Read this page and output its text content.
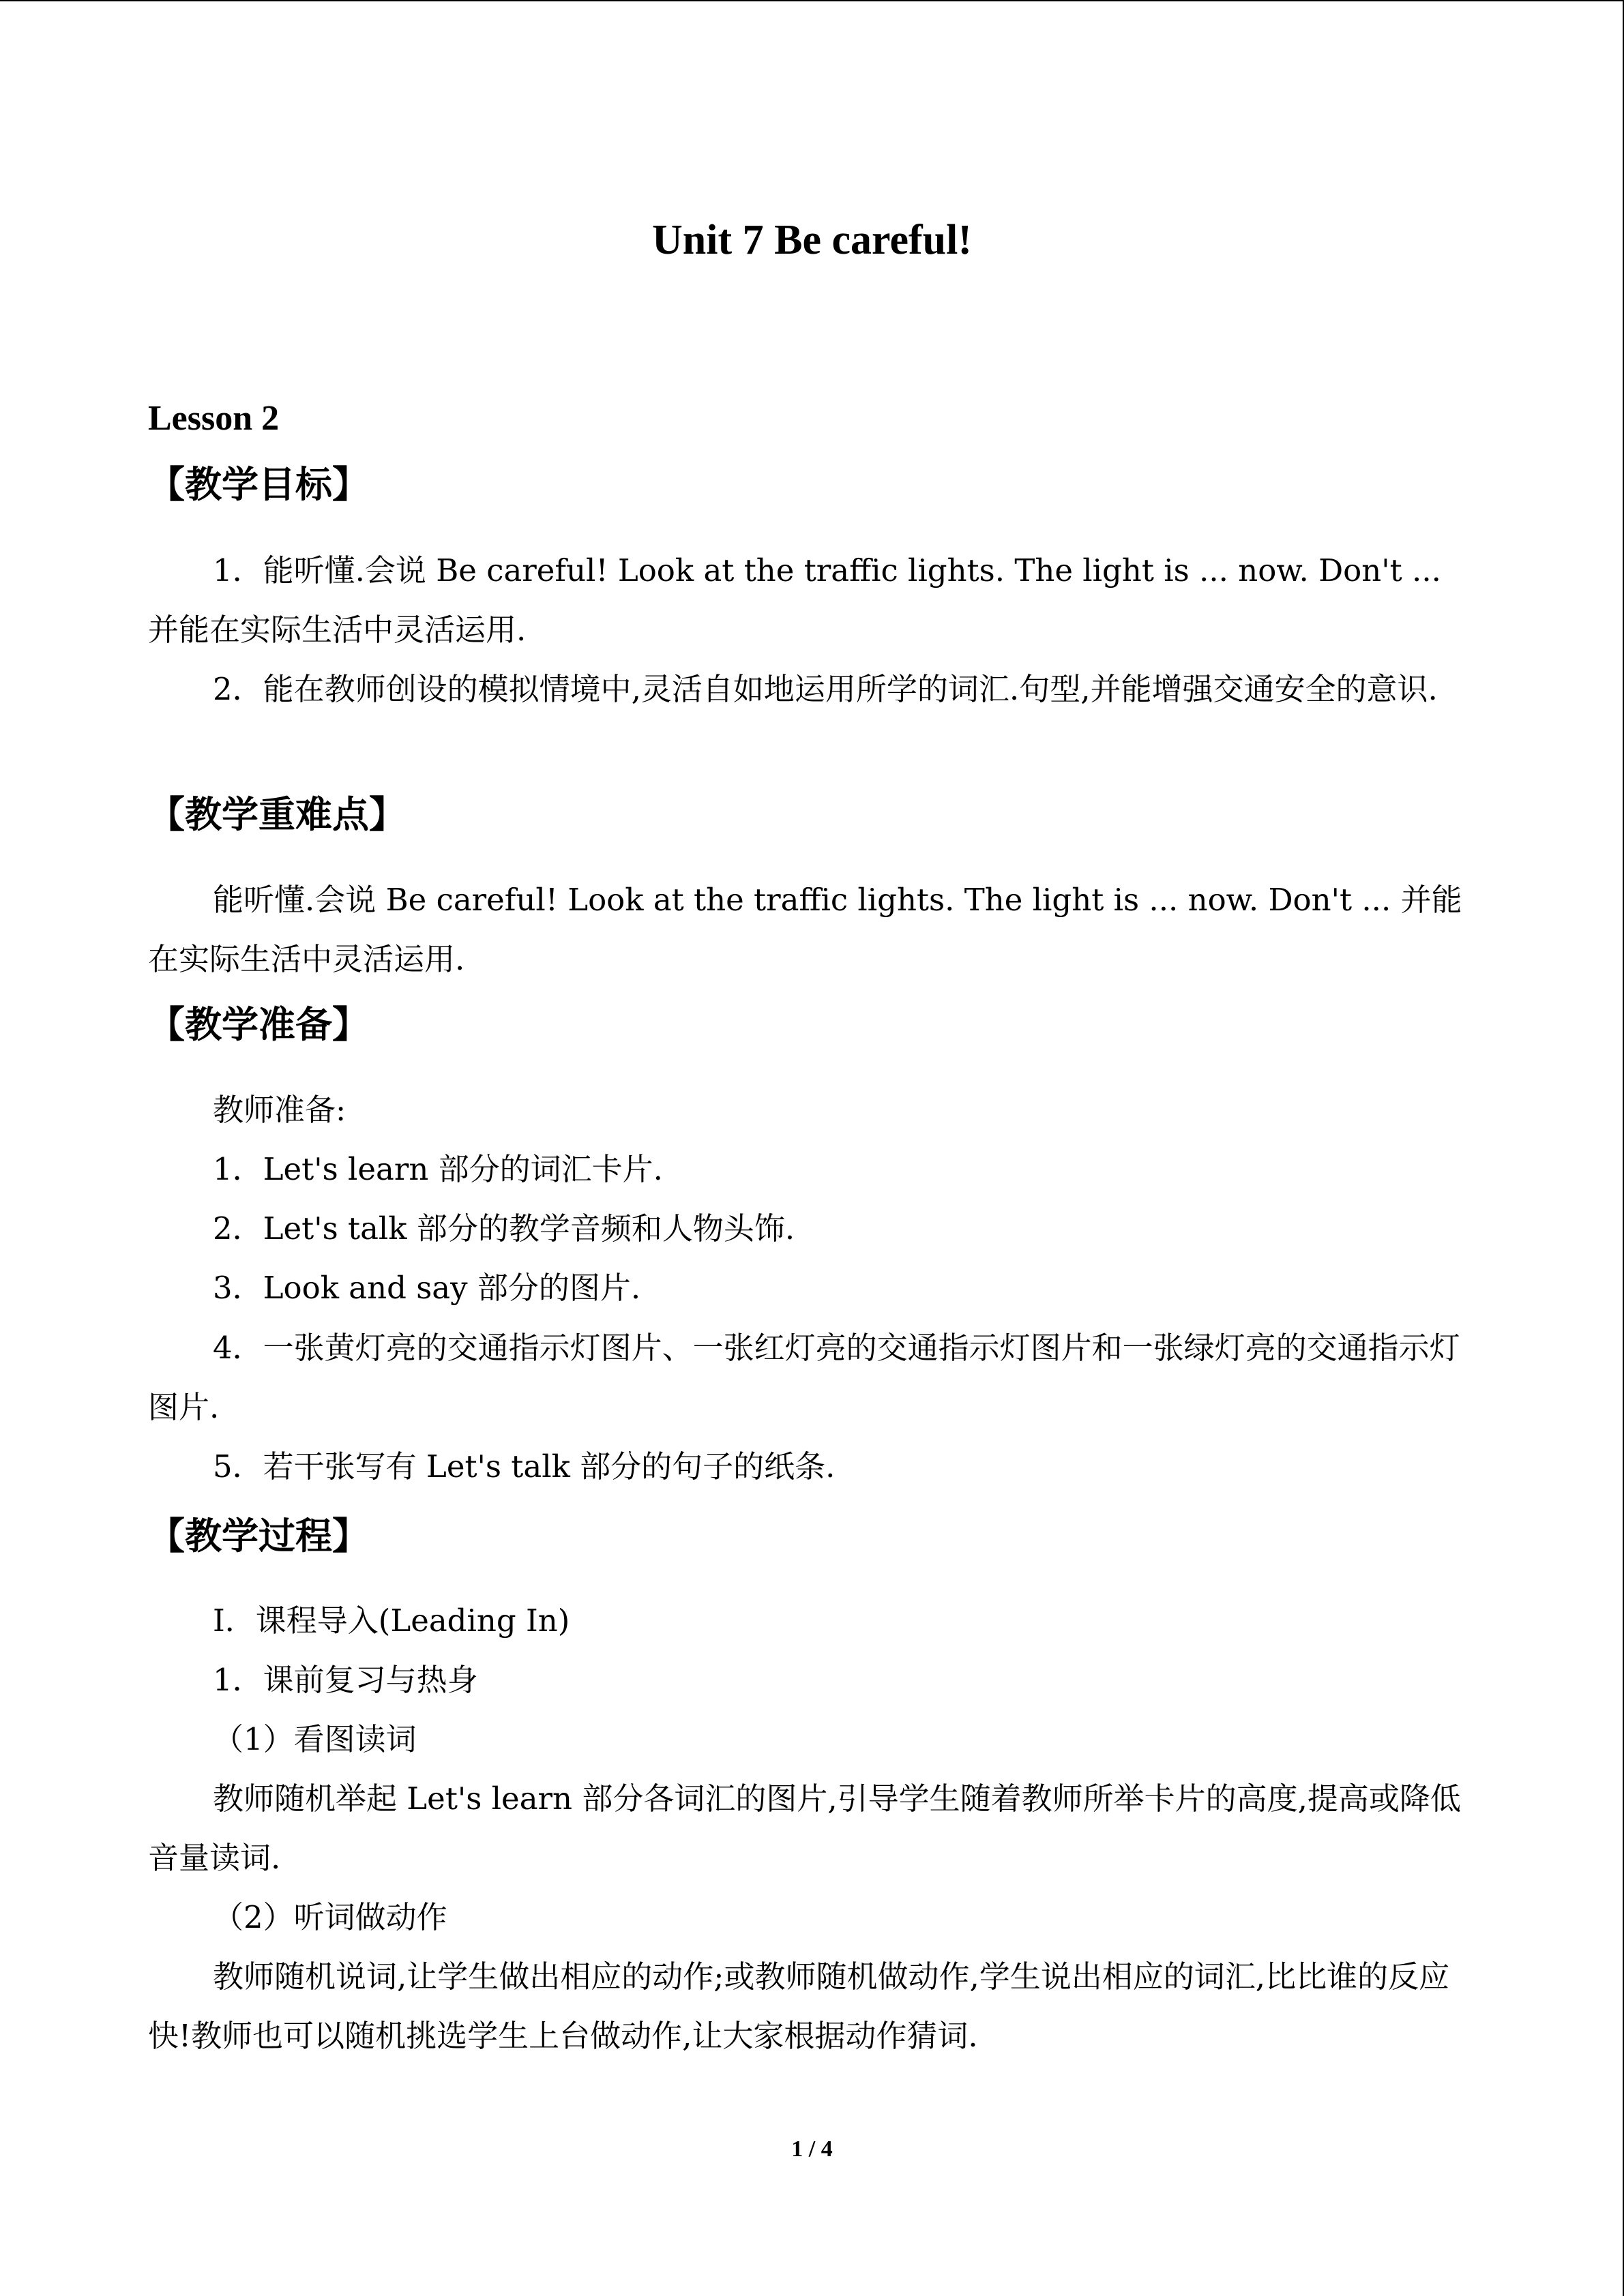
Unit 7 Be careful!
Lesson 2
【教学目标】

1．能听懂.会说 Be careful! Look at the traffic lights. The light is ... now. Don't ... 并能在实际生活中灵活运用.

2．能在教师创设的模拟情境中,灵活自如地运用所学的词汇.句型,并能增强交通安全的意识.

【教学重难点】

能听懂.会说 Be careful! Look at the traffic lights. The light is ... now. Don't ... 并能在实际生活中灵活运用.

【教学准备】
教师准备:
1．Let's learn 部分的词汇卡片.
2．Let's talk 部分的教学音频和人物头饰.
3．Look and say 部分的图片.

4．一张黄灯亮的交通指示灯图片、一张红灯亮的交通指示灯图片和一张绿灯亮的交通指示灯图片.

5．若干张写有 Let's talk 部分的句子的纸条.
【教学过程】
Ⅰ．课程导入(Leading In)
1．课前复习与热身
（1）看图读词

教师随机举起 Let's learn 部分各词汇的图片,引导学生随着教师所举卡片的高度,提高或降低音量读词.

（2）听词做动作

教师随机说词,让学生做出相应的动作;或教师随机做动作,学生说出相应的词汇,比比谁的反应快!教师也可以随机挑选学生上台做动作,让大家根据动作猜词.

1 / 4
